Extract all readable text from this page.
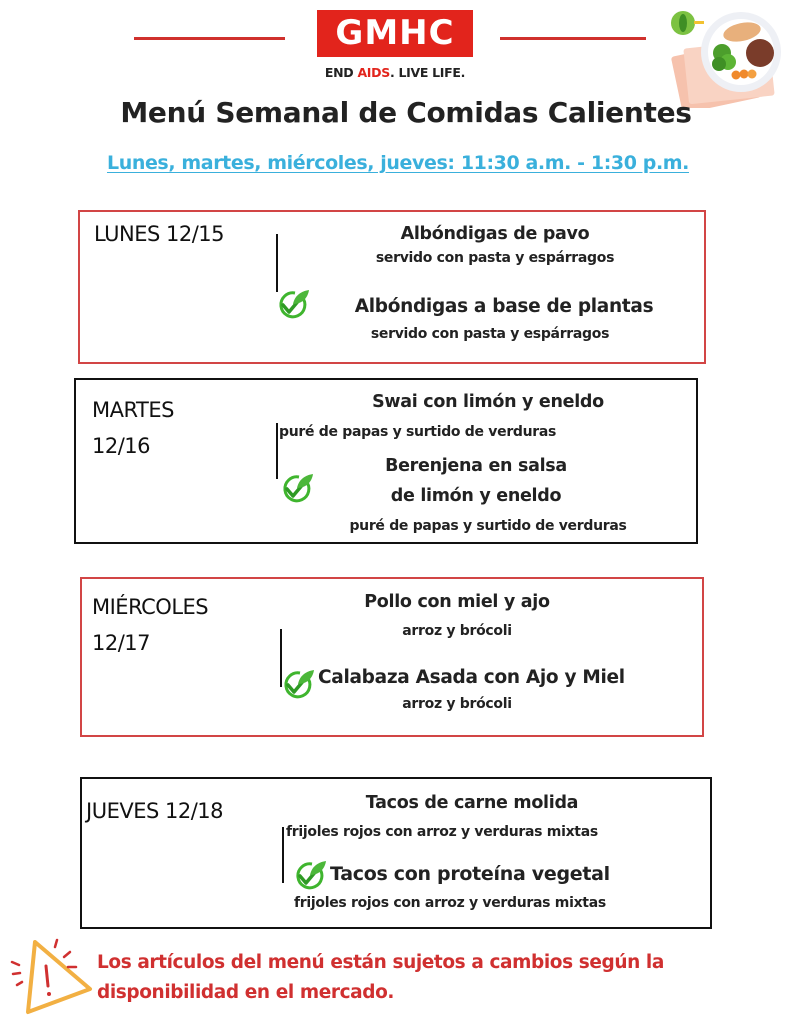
GMHC
END AIDS. LIVE LIFE.
Menú Semanal de Comidas Calientes
Lunes, martes, miércoles, jueves: 11:30 a.m. - 1:30 p.m.
LUNES 12/15	Albóndigas de pavo
servido con pasta y espárragos
Albóndigas a base de plantas
servido con pasta y espárragos
MARTES
12/16
Swai con limón y eneldo
puré de papas y surtido de verduras
Berenjena en salsa
de limón y eneldo
puré de papas y surtido de verduras
MIÉRCOLES
12/17
Pollo con miel y ajo
arroz y brócoli
Calabaza Asada con Ajo y Miel
arroz y brócoli
JUEVES 12/18	Tacos de carne molida
frijoles rojos con arroz y verduras mixtas
Tacos con proteína vegetal
frijoles rojos con arroz y verduras mixtas
Los artículos del menú están sujetos a cambios según la disponibilidad en el mercado.
